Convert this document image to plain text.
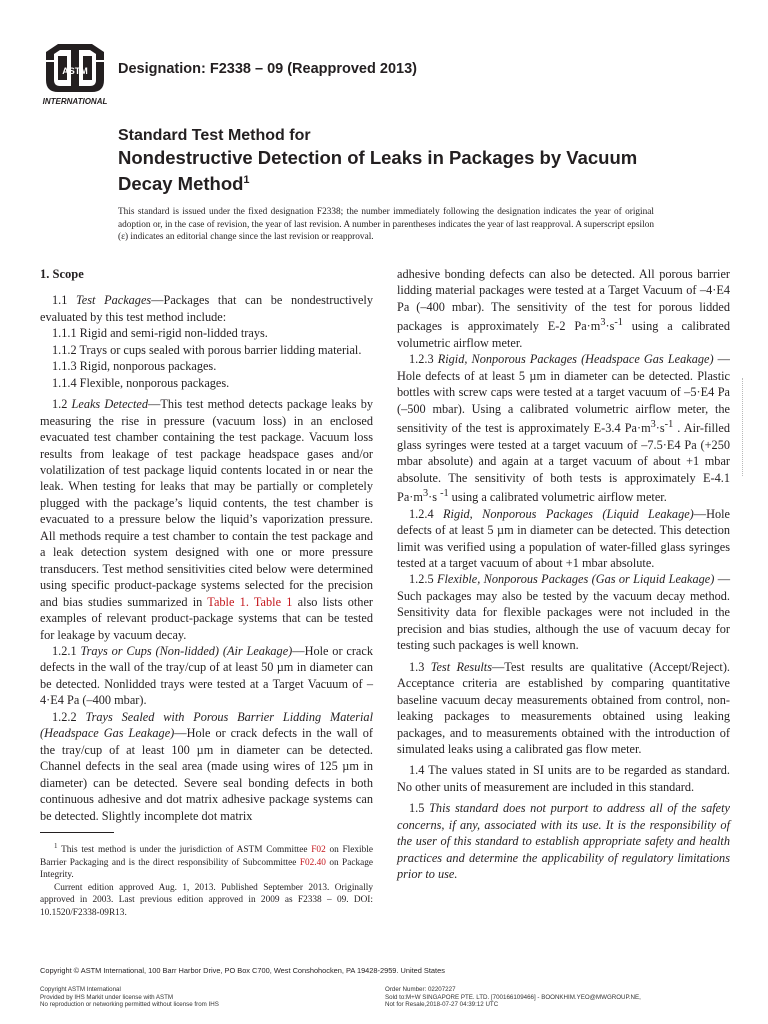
ASTM
INTERNATIONAL
Designation: F2338 – 09 (Reapproved 2013)
Standard Test Method for
Nondestructive Detection of Leaks in Packages by Vacuum Decay Method$^1$
This standard is issued under the fixed designation F2338; the number immediately following the designation indicates the year of original adoption or, in the case of revision, the year of last revision. A number in parentheses indicates the year of last reapproval. A superscript epsilon (ε) indicates an editorial change since the last revision or reapproval.
1. Scope

1.1 Test Packages—Packages that can be nondestructively evaluated by this test method include:

1.1.1 Rigid and semi-rigid non-lidded trays.

1.1.2 Trays or cups sealed with porous barrier lidding material.

1.1.3 Rigid, nonporous packages.

1.1.4 Flexible, nonporous packages.

1.2 Leaks Detected—This test method detects package leaks by measuring the rise in pressure (vacuum loss) in an enclosed evacuated test chamber containing the test package. Vacuum loss results from leakage of test package headspace gases and/or volatilization of test package liquid contents located in or near the leak. When testing for leaks that may be partially or completely plugged with the package’s liquid contents, the test chamber is evacuated to a pressure below the liquid’s vaporization pressure. All methods require a test chamber to contain the test package and a leak detection system designed with one or more pressure transducers. Test method sensitivities cited below were determined using specific product-package systems selected for the precision and bias studies summarized in Table 1. Table 1 also lists other examples of relevant product-package systems that can be tested for leakage by vacuum decay.

1.2.1 Trays or Cups (Non-lidded) (Air Leakage)—Hole or crack defects in the wall of the tray/cup of at least 50 µm in diameter can be detected. Nonlidded trays were tested at a Target Vacuum of –4·E4 Pa (–400 mbar).

1.2.2 Trays Sealed with Porous Barrier Lidding Material (Headspace Gas Leakage)—Hole or crack defects in the wall of the tray/cup of at least 100 µm in diameter can be detected. Channel defects in the seal area (made using wires of 125 µm in diameter) can be detected. Severe seal bonding defects in both continuous adhesive and dot matrix adhesive package systems can be detected. Slightly incomplete dot matrix

adhesive bonding defects can also be detected. All porous barrier lidding material packages were tested at a Target Vacuum of –4·E4 Pa (–400 mbar). The sensitivity of the test for porous lidded packages is approximately E-2 $Pa\cdot m^3\cdot s^{-1}$ using a calibrated volumetric airflow meter.

1.2.3 Rigid, Nonporous Packages (Headspace Gas Leakage) —Hole defects of at least 5 µm in diameter can be detected. Plastic bottles with screw caps were tested at a target vacuum of –5·E4 Pa (–500 mbar). Using a calibrated volumetric airflow meter, the sensitivity of the test is approximately E-3.4 $Pa\cdot m^3\cdot s^{-1}$ . Air-filled glass syringes were tested at a target vacuum of –7.5·E4 Pa (+250 mbar absolute) and again at a target vacuum of about +1 mbar absolute. The sensitivity of both tests is approximately E-4.1 $Pa\cdot m^3\cdot s$ $^{-1}$ using a calibrated volumetric airflow meter.

1.2.4 Rigid, Nonporous Packages (Liquid Leakage)—Hole defects of at least 5 µm in diameter can be detected. This detection limit was verified using a population of water-filled glass syringes tested at a target vacuum of about +1 mbar absolute.

1.2.5 Flexible, Nonporous Packages (Gas or Liquid Leakage) —Such packages may also be tested by the vacuum decay method. Sensitivity data for flexible packages were not included in the precision and bias studies, although the use of vacuum decay for testing such packages is well known.

1.3 Test Results—Test results are qualitative (Accept/Reject). Acceptance criteria are established by comparing quantitative baseline vacuum decay measurements obtained from control, non-leaking packages to measurements obtained using leaking packages, and to measurements obtained with the introduction of simulated leaks using a calibrated gas flow meter.

1.4 The values stated in SI units are to be regarded as standard. No other units of measurement are included in this standard.

1.5 This standard does not purport to address all of the safety concerns, if any, associated with its use. It is the responsibility of the user of this standard to establish appropriate safety and health practices and determine the applicability of regulatory limitations prior to use.

$^1$ This test method is under the jurisdiction of ASTM Committee F02 on Flexible Barrier Packaging and is the direct responsibility of Subcommittee F02.40 on Package Integrity.

Current edition approved Aug. 1, 2013. Published September 2013. Originally approved in 2003. Last previous edition approved in 2009 as F2338 – 09. DOI: 10.1520/F2338-09R13.

Copyright © ASTM International, 100 Barr Harbor Drive, PO Box C700, West Conshohocken, PA 19428-2959. United States
Copyright ASTM International
Provided by IHS Markit under license with ASTM
No reproduction or networking permitted without license from IHS
Order Number: 02207227
Sold to:M+W SINGAPORE PTE. LTD. [700166109466] - BOONKHIM.YEO@MWGROUP.NE,
Not for Resale,2018-07-27 04:39:12 UTC
